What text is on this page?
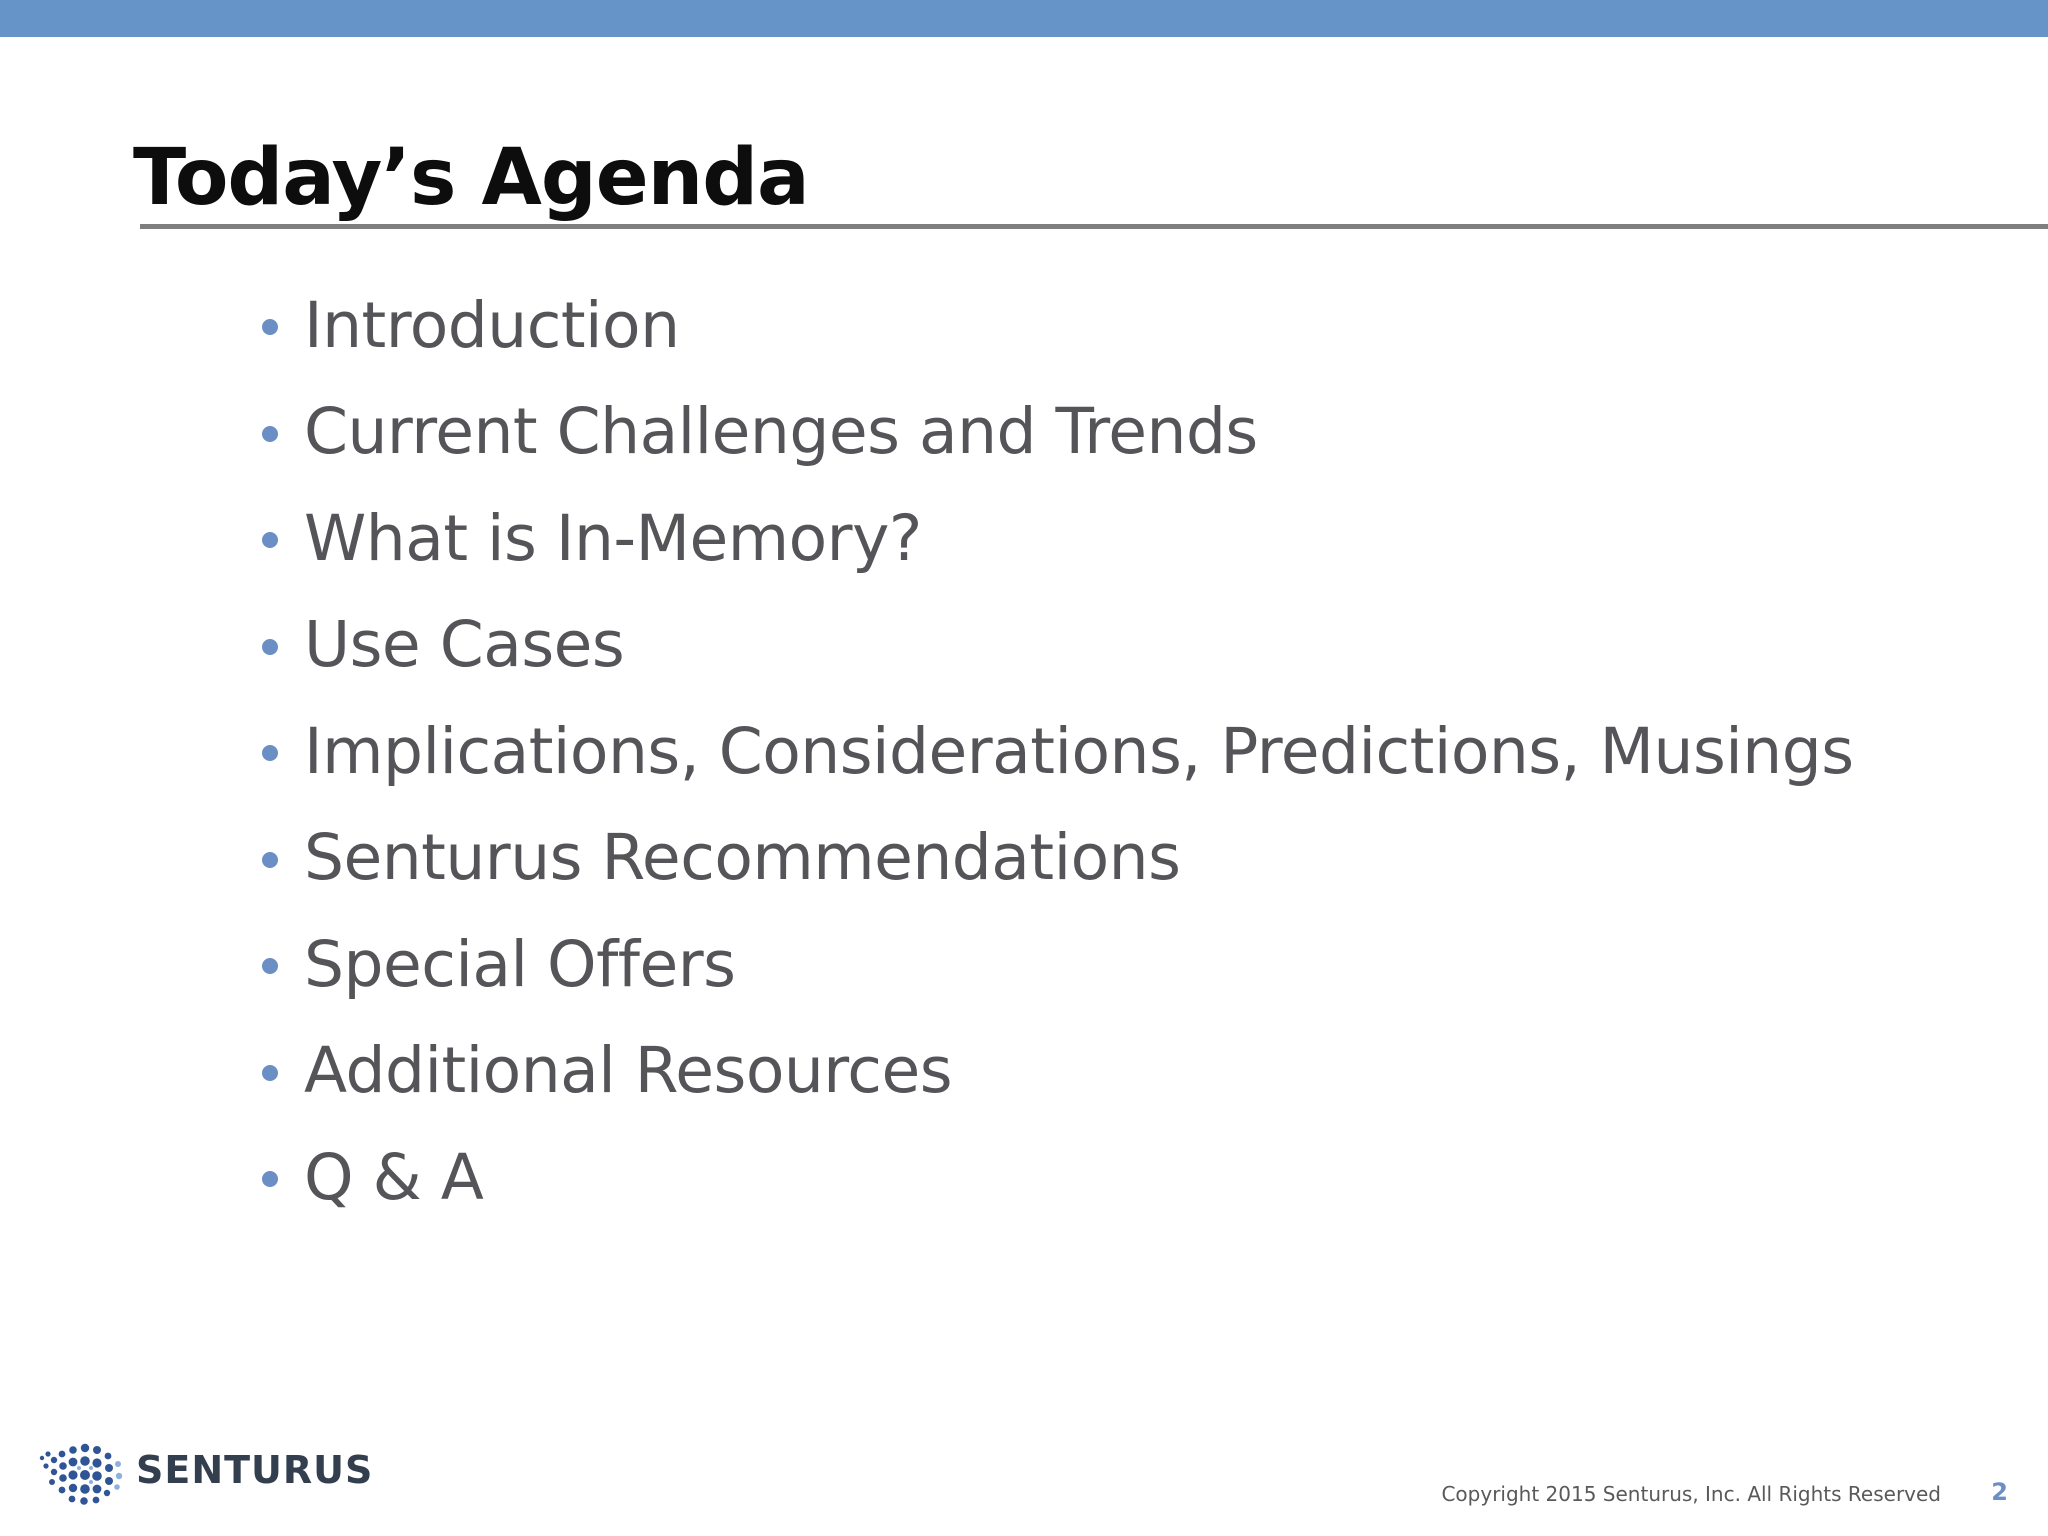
Today’s Agenda
Introduction
Current Challenges and Trends
What is In-Memory?
Use Cases
Implications, Considerations, Predictions, Musings
Senturus Recommendations
Special Offers
Additional Resources
Q & A
SENTURUS
Copyright 2015 Senturus, Inc. All Rights Reserved 2
